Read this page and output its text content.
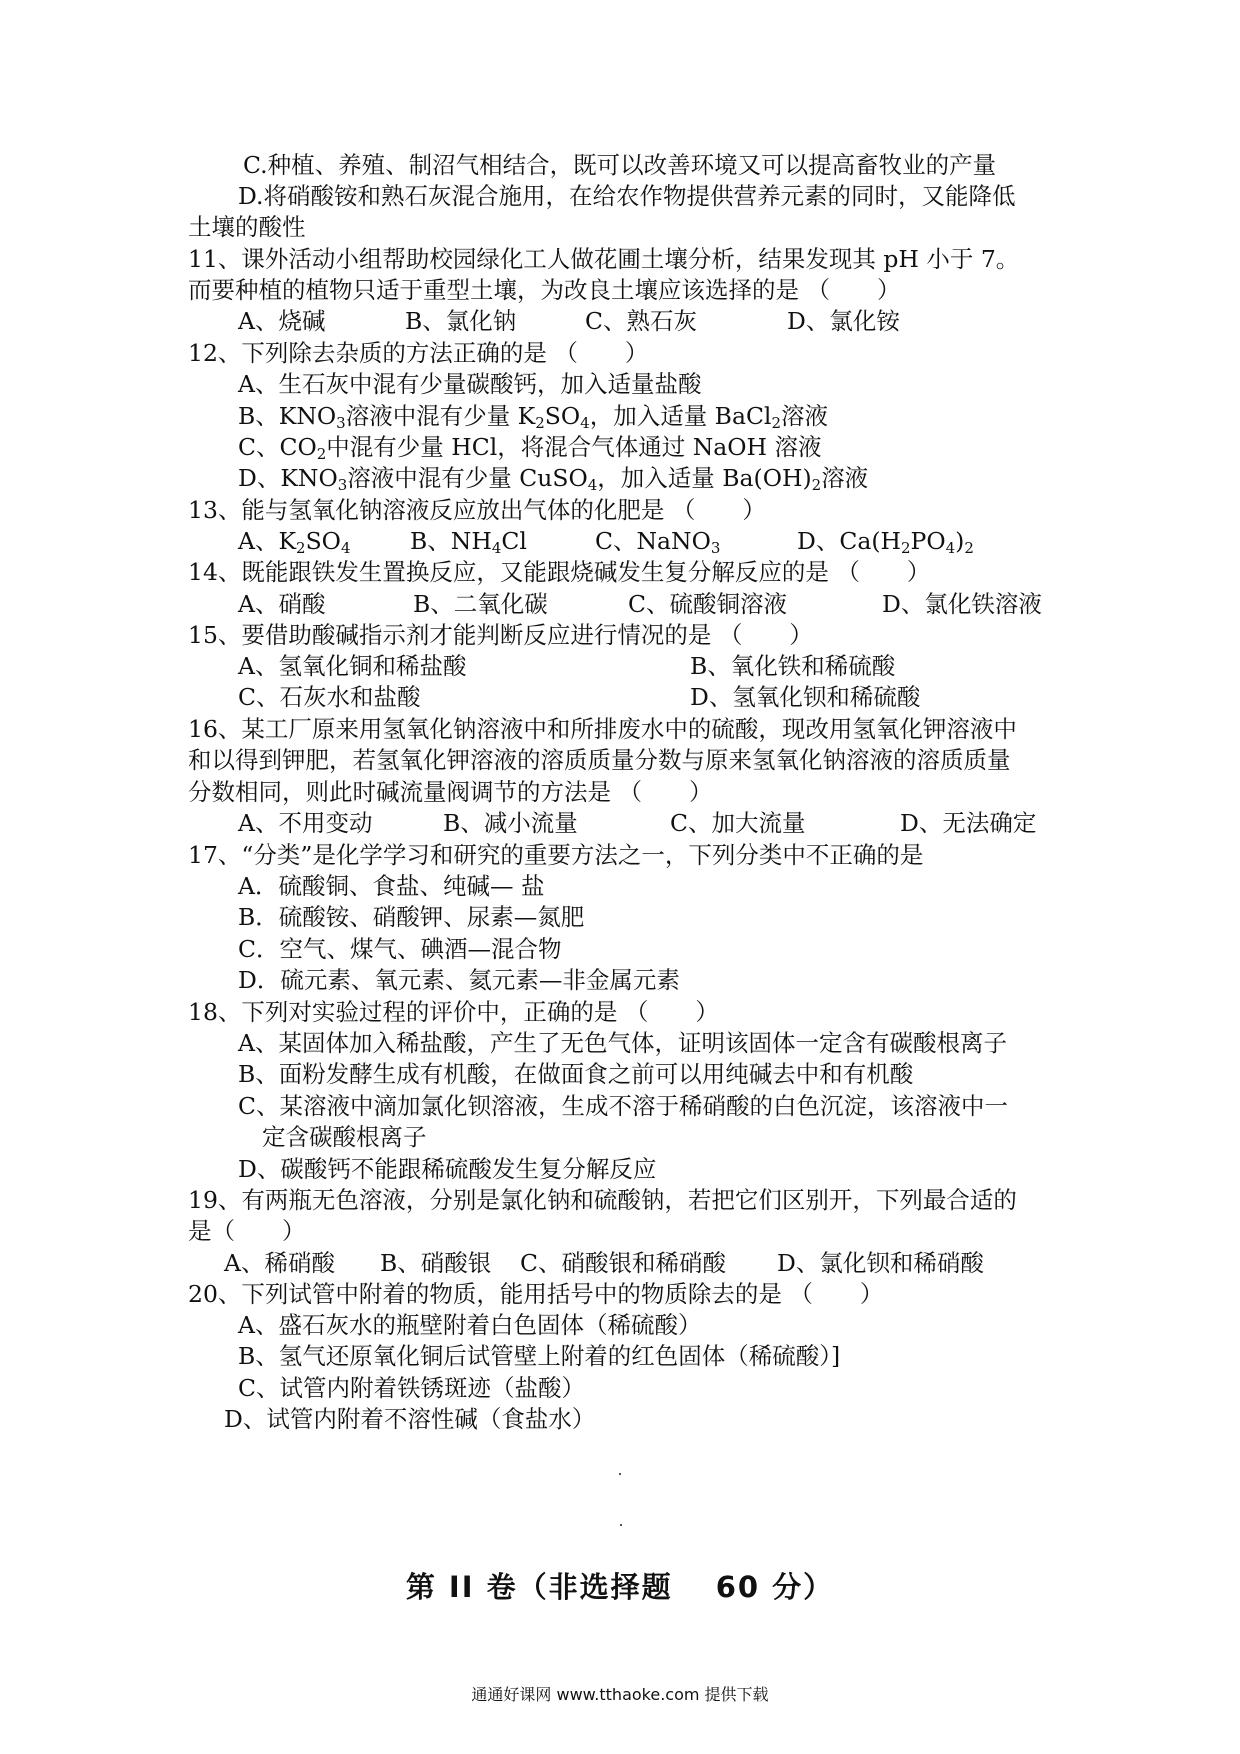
C.种植、养殖、制沼气相结合，既可以改善环境又可以提高畜牧业的产量
D.将硝酸铵和熟石灰混合施用，在给农作物提供营养元素的同时，又能降低
土壤的酸性
11、课外活动小组帮助校园绿化工人做花圃土壤分析，结果发现其 pH 小于 7。
而要种植的植物只适于重型土壤，为改良土壤应该选择的是 （　　）
12、下列除去杂质的方法正确的是 （　　）
A、生石灰中混有少量碳酸钙，加入适量盐酸
B、$KNO_3$溶液中混有少量 $K_2SO_4$，加入适量 BaCl$_2$溶液
C、$CO_2$中混有少量 HCl，将混合气体通过 NaOH 溶液
D、$KNO_3$溶液中混有少量 CuSO$_4$，加入适量 $Ba(OH)_2$溶液
13、能与氢氧化钠溶液反应放出气体的化肥是 （　　）
14、既能跟铁发生置换反应，又能跟烧碱发生复分解反应的是 （　　）
15、要借助酸碱指示剂才能判断反应进行情况的是 （　　）
16、某工厂原来用氢氧化钠溶液中和所排废水中的硫酸，现改用氢氧化钾溶液中
和以得到钾肥，若氢氧化钾溶液的溶质质量分数与原来氢氧化钠溶液的溶质质量
分数相同，则此时碱流量阀调节的方法是 （　　）
17、“分类”是化学学习和研究的重要方法之一，下列分类中不正确的是
A．硫酸铜、食盐、纯碱— 盐
B．硫酸铵、硝酸钾、尿素—氮肥
C．空气、煤气、碘酒—混合物
D．硫元素、氧元素、氦元素—非金属元素
18、下列对实验过程的评价中，正确的是 （　　）
A、某固体加入稀盐酸，产生了无色气体，证明该固体一定含有碳酸根离子
B、面粉发酵生成有机酸，在做面食之前可以用纯碱去中和有机酸
C、某溶液中滴加氯化钡溶液，生成不溶于稀硝酸的白色沉淀，该溶液中一
定含碳酸根离子
D、碳酸钙不能跟稀硫酸发生复分解反应
19、有两瓶无色溶液，分别是氯化钠和硫酸钠，若把它们区别开，下列最合适的
是（　　）
20、下列试管中附着的物质，能用括号中的物质除去的是 （　　）
A、盛石灰水的瓶壁附着白色固体（稀硫酸）
B、氢气还原氧化铜后试管壁上附着的红色固体（稀硫酸）]
C、试管内附着铁锈斑迹（盐酸）
D、试管内附着不溶性碱（食盐水）
A、烧碱	B、氯化钠	C、熟石灰	D、氯化铵
A、$K_2SO_4$	B、$NH_4Cl$	C、NaNO$_3$	D、$Ca(H_2PO_4)_2$
A、硝酸	B、二氧化碳	C、硫酸铜溶液	D、氯化铁溶液
A、氢氧化铜和稀盐酸	B、氧化铁和稀硫酸
C、石灰水和盐酸	D、氢氧化钡和稀硫酸
A、不用变动	B、减小流量	C、加大流量	D、无法确定
A、稀硝酸 B、硝酸银 C、硝酸银和稀硝酸 D、氯化钡和稀硝酸
第 II 卷（非选择题 　60 分）
通通好课网 www.tthaoke.com 提供下载
